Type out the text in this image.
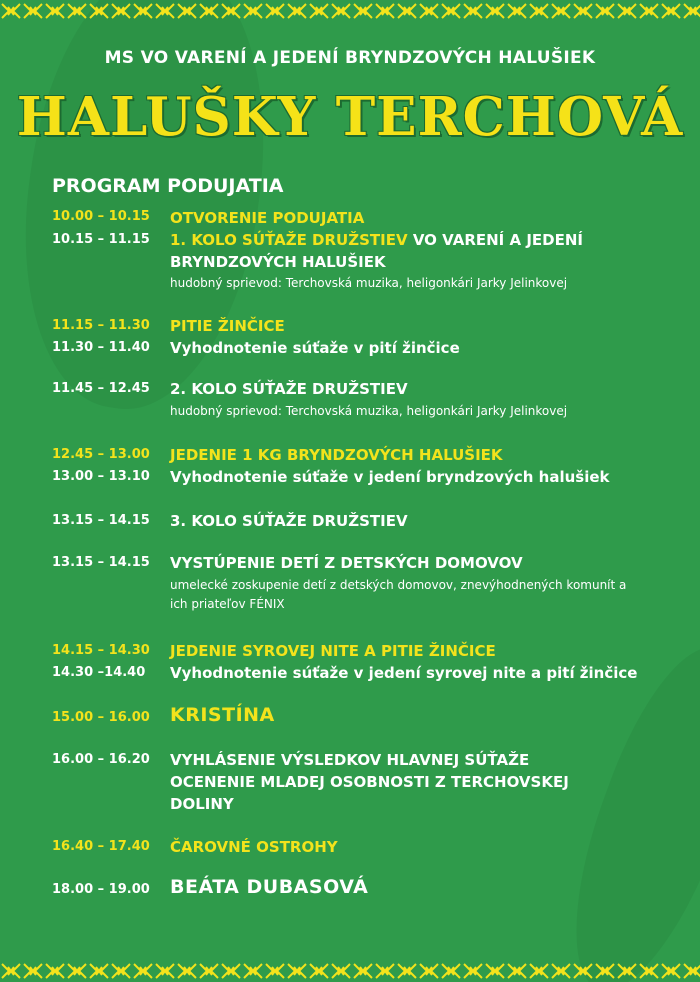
MS VO VARENÍ A JEDENÍ BRYNDZOVÝCH HALUŠIEK
HALUŠKY TERCHOVÁ
PROGRAM PODUJATIA
10.00 – 10.15 OTVORENIE PODUJATIA
10.15 – 11.15 1. KOLO SÚŤAŽE DRUŽSTIEV VO VARENÍ A JEDENÍ BRYNDZOVÝCH HALUŠIEK
hudobný sprievod: Terchovská muzika, heligonkári Jarky Jelinkovej
11.15 – 11.30 PITIE ŽINČICE
11.30 – 11.40 Vyhodnotenie súťaže v pití žinčice
11.45 – 12.45 2. KOLO SÚŤAŽE DRUŽSTIEV
hudobný sprievod: Terchovská muzika, heligonkári Jarky Jelinkovej
12.45 – 13.00 JEDENIE 1 KG BRYNDZOVÝCH HALUŠIEK
13.00 – 13.10 Vyhodnotenie súťaže v jedení bryndzových halušiek
13.15 – 14.15 3. KOLO SÚŤAŽE DRUŽSTIEV
13.15 – 14.15 VYSTÚPENIE DETÍ Z DETSKÝCH DOMOVOV
umelecké zoskupenie detí z detských domovov, znevýhodnených komunít a ich priateľov FÉNIX
14.15 – 14.30 JEDENIE SYROVEJ NITE A PITIE ŽINČICE
14.30 –14.40 Vyhodnotenie súťaže v jedení syrovej nite a pití žinčice
15.00 – 16.00 KRISTÍNA
16.00 – 16.20 VYHLÁSENIE VÝSLEDKOV HLAVNEJ SÚŤAŽE
OCENENIE MLADEJ OSOBNOSTI Z TERCHOVSKEJ DOLINY
16.40 – 17.40 ČAROVNÉ OSTROHY
18.00 – 19.00 BEÁTA DUBASOVÁ
